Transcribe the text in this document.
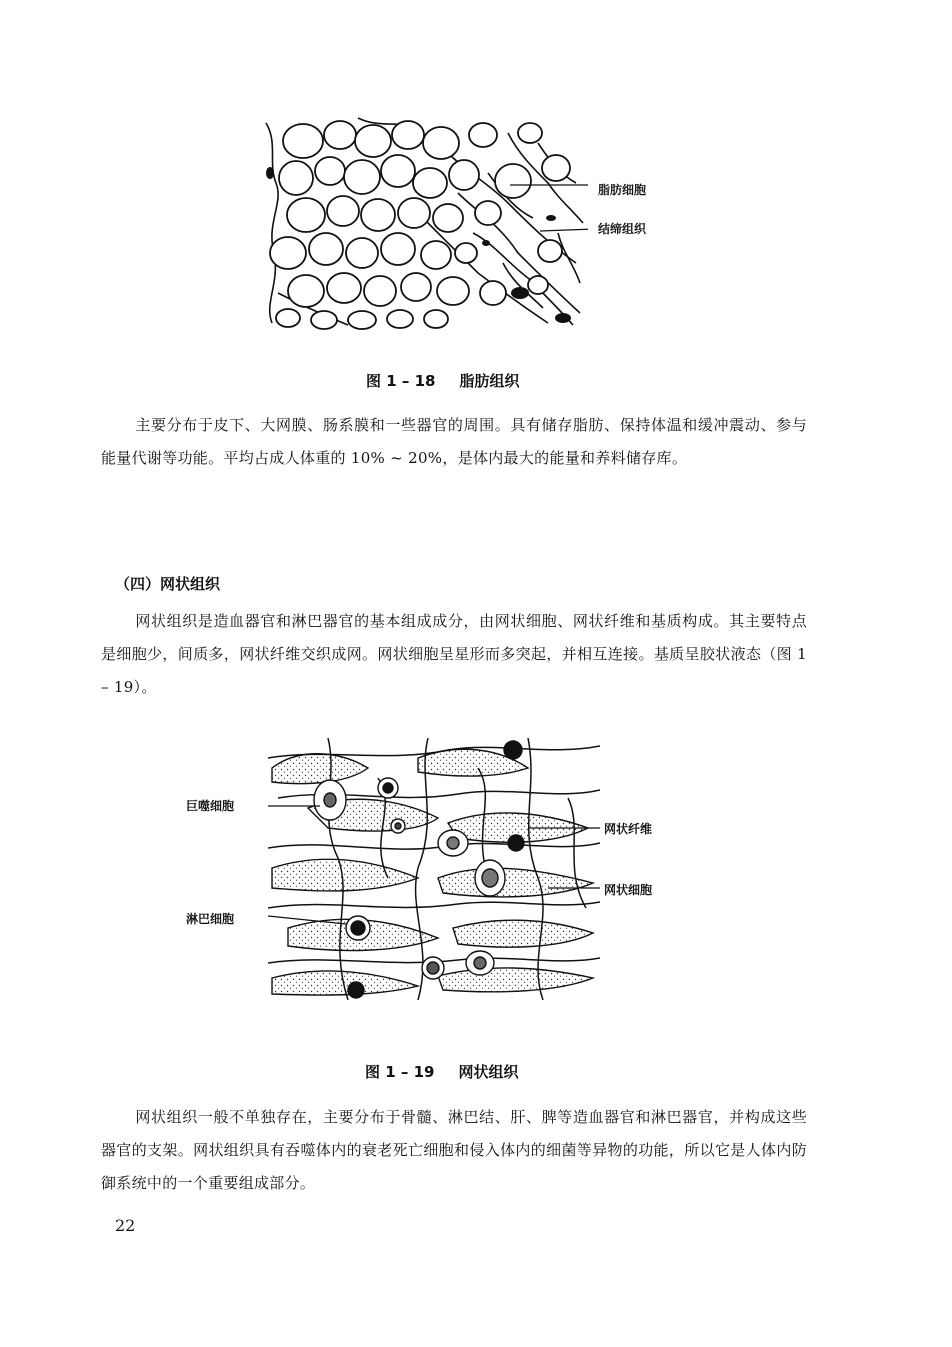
脂肪细胞
结缔组织
图 1 – 18 脂肪组织

主要分布于皮下、大网膜、肠系膜和一些器官的周围。具有储存脂肪、保持体温和缓冲震动、参与能量代谢等功能。平均占成人体重的 10% ~ 20%，是体内最大的能量和养料储存库。

（四）网状组织

网状组织是造血器官和淋巴器官的基本组成成分，由网状细胞、网状纤维和基质构成。其主要特点是细胞少，间质多，网状纤维交织成网。网状细胞呈星形而多突起，并相互连接。基质呈胶状液态（图 1 – 19）。

巨噬细胞
淋巴细胞
网状纤维
网状细胞
图 1 – 19 网状组织

网状组织一般不单独存在，主要分布于骨髓、淋巴结、肝、脾等造血器官和淋巴器官，并构成这些器官的支架。网状组织具有吞噬体内的衰老死亡细胞和侵入体内的细菌等异物的功能，所以它是人体内防御系统中的一个重要组成部分。

22
